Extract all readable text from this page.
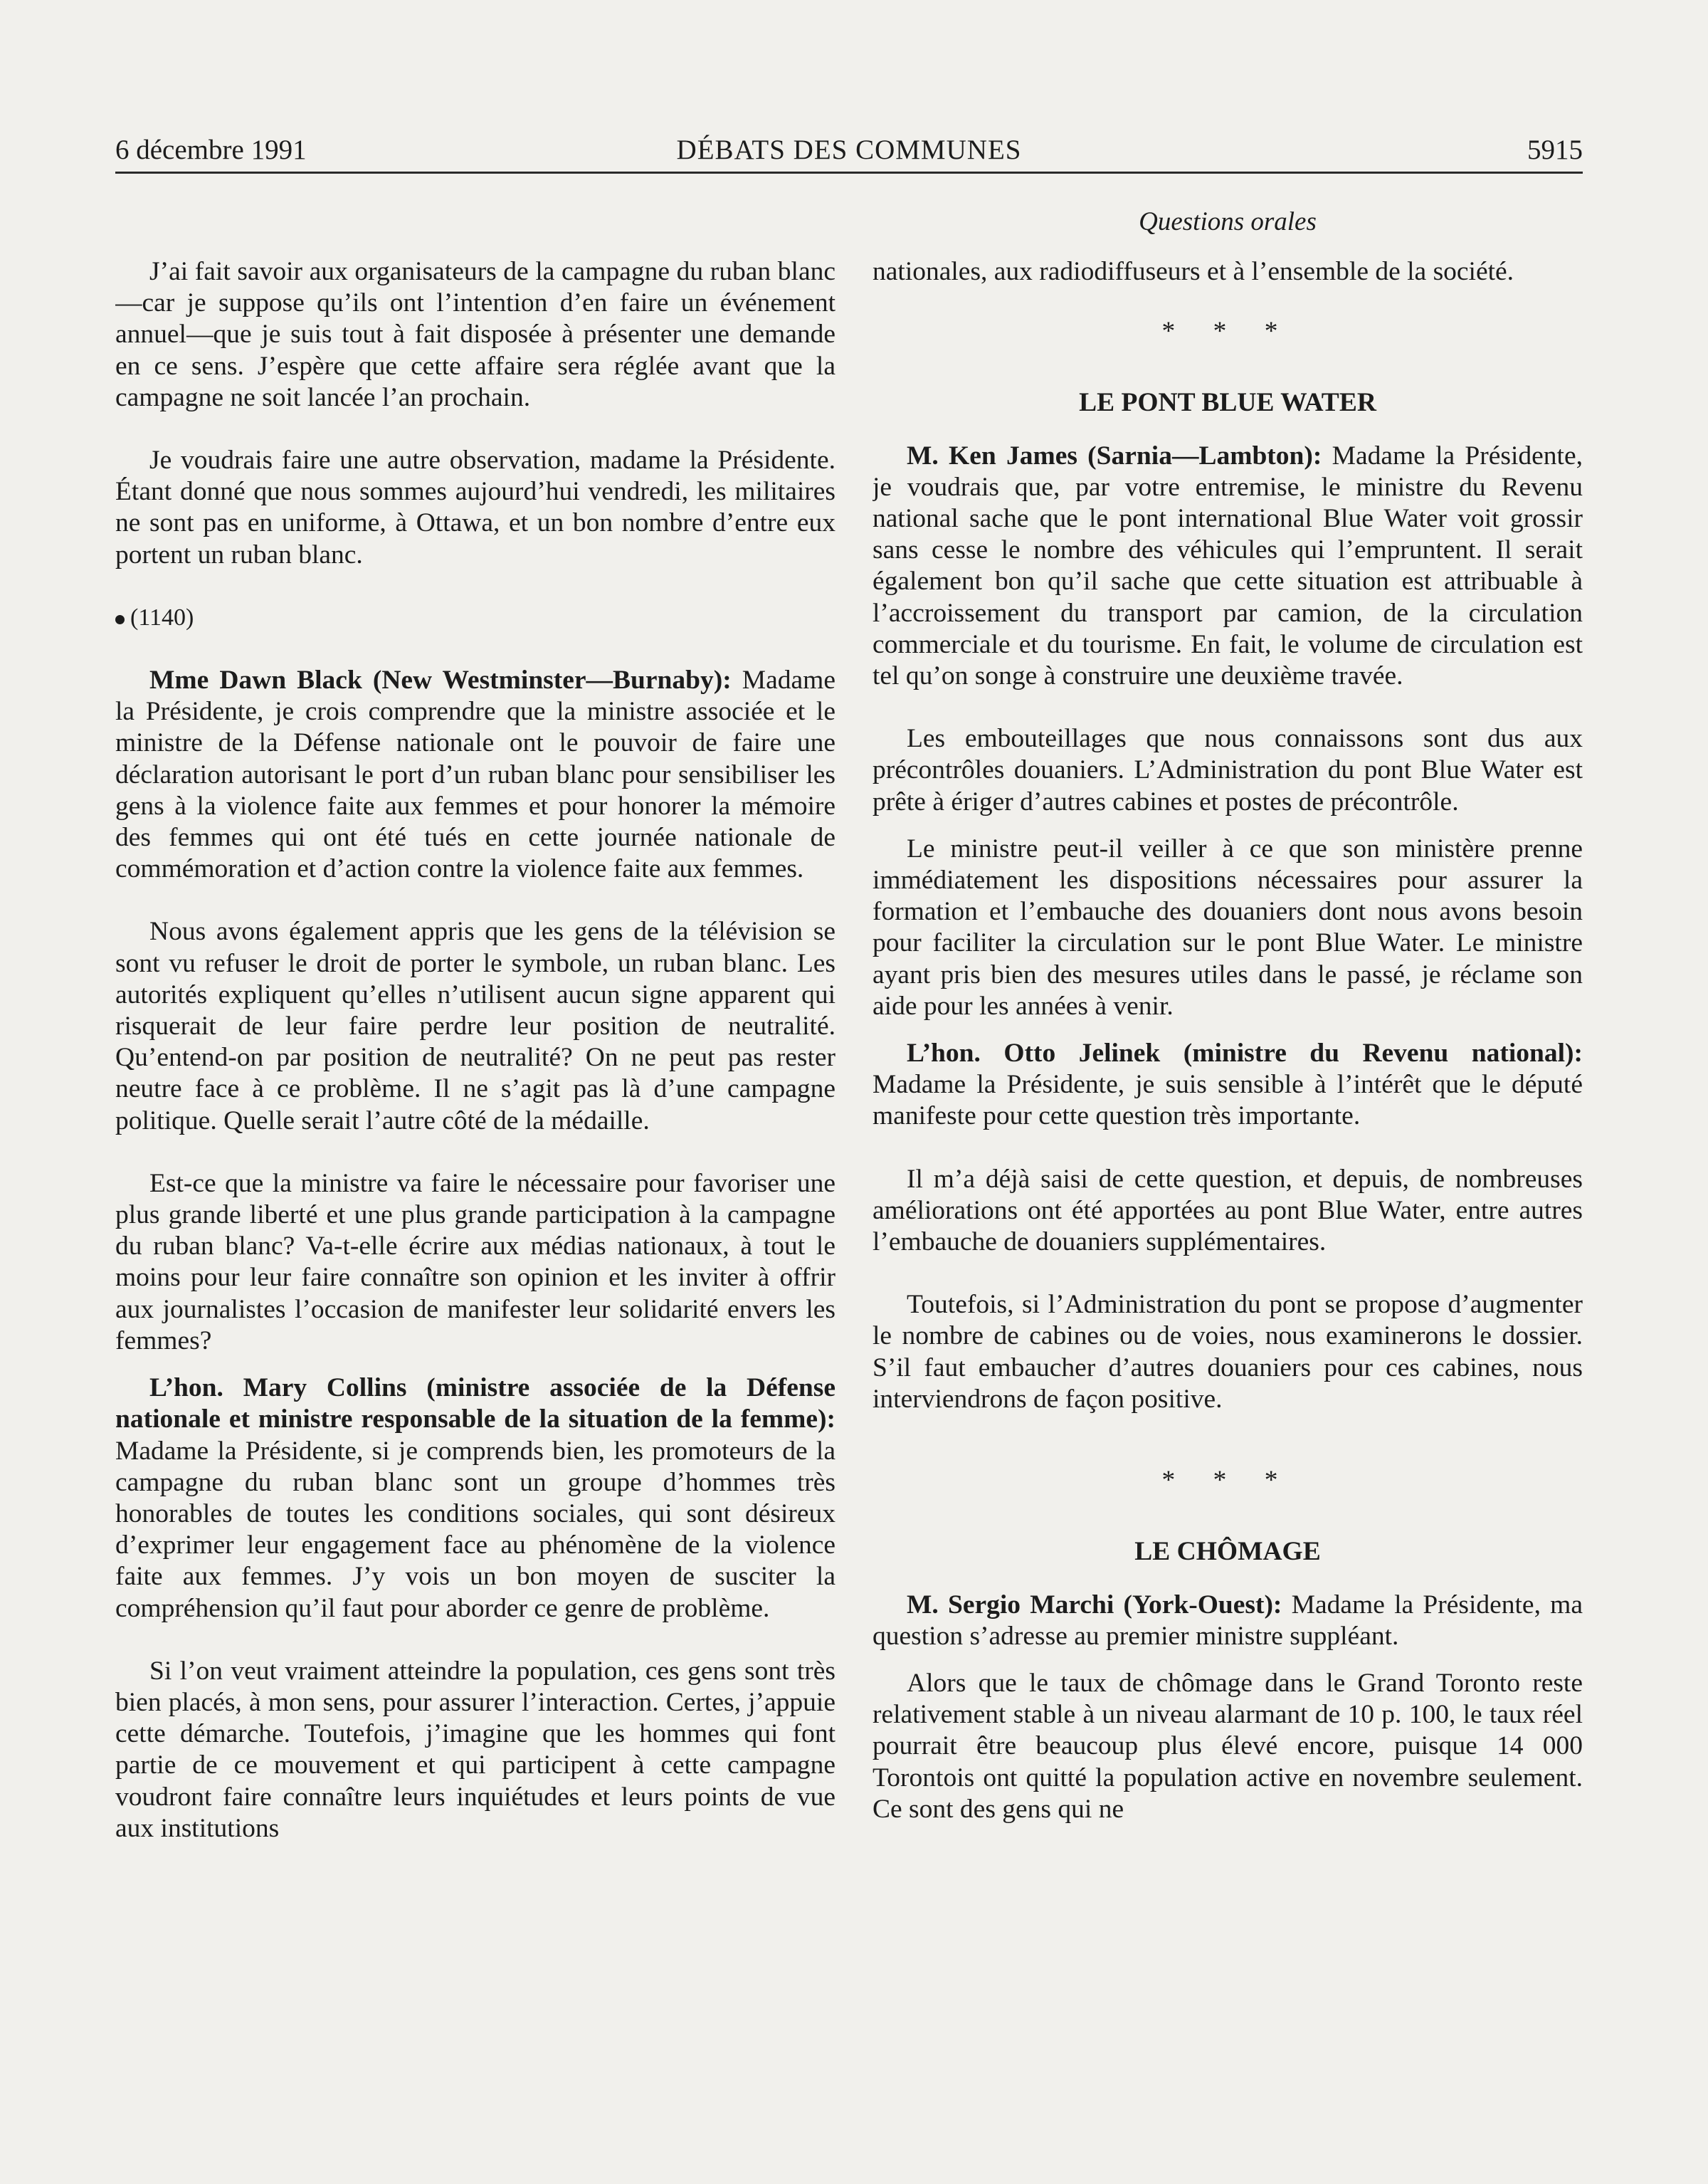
6 décembre 1991	DÉBATS DES COMMUNES	5915
Questions orales

J’ai fait savoir aux organisateurs de la campagne du ruban blanc—car je suppose qu’ils ont l’intention d’en faire un événement annuel—que je suis tout à fait disposée à présenter une demande en ce sens. J’espère que cette affaire sera réglée avant que la campagne ne soit lancée l’an prochain.

Je voudrais faire une autre observation, madame la Présidente. Étant donné que nous sommes aujourd’hui vendredi, les militaires ne sont pas en uniforme, à Ottawa, et un bon nombre d’entre eux portent un ruban blanc.

(1140)

Mme Dawn Black (New Westminster—Burnaby): Madame la Présidente, je crois comprendre que la ministre associée et le ministre de la Défense nationale ont le pouvoir de faire une déclaration autorisant le port d’un ruban blanc pour sensibiliser les gens à la violence faite aux femmes et pour honorer la mémoire des femmes qui ont été tués en cette journée nationale de commémoration et d’action contre la violence faite aux femmes.

Nous avons également appris que les gens de la télévision se sont vu refuser le droit de porter le symbole, un ruban blanc. Les autorités expliquent qu’elles n’utilisent aucun signe apparent qui risquerait de leur faire perdre leur position de neutralité. Qu’entend-on par position de neutralité? On ne peut pas rester neutre face à ce problème. Il ne s’agit pas là d’une campagne politique. Quelle serait l’autre côté de la médaille.

Est-ce que la ministre va faire le nécessaire pour favoriser une plus grande liberté et une plus grande participation à la campagne du ruban blanc? Va-t-elle écrire aux médias nationaux, à tout le moins pour leur faire connaître son opinion et les inviter à offrir aux journalistes l’occasion de manifester leur solidarité envers les femmes?

L’hon. Mary Collins (ministre associée de la Défense nationale et ministre responsable de la situation de la femme): Madame la Présidente, si je comprends bien, les promoteurs de la campagne du ruban blanc sont un groupe d’hommes très honorables de toutes les conditions sociales, qui sont désireux d’exprimer leur engagement face au phénomène de la violence faite aux femmes. J’y vois un bon moyen de susciter la compréhension qu’il faut pour aborder ce genre de problème.

Si l’on veut vraiment atteindre la population, ces gens sont très bien placés, à mon sens, pour assurer l’interaction. Certes, j’appuie cette démarche. Toutefois, j’imagine que les hommes qui font partie de ce mouvement et qui participent à cette campagne voudront faire connaître leurs inquiétudes et leurs points de vue aux institutions

nationales, aux radiodiffuseurs et à l’ensemble de la société.

* * *

LE PONT BLUE WATER

M. Ken James (Sarnia—Lambton): Madame la Présidente, je voudrais que, par votre entremise, le ministre du Revenu national sache que le pont international Blue Water voit grossir sans cesse le nombre des véhicules qui l’empruntent. Il serait également bon qu’il sache que cette situation est attribuable à l’accroissement du transport par camion, de la circulation commerciale et du tourisme. En fait, le volume de circulation est tel qu’on songe à construire une deuxième travée.

Les embouteillages que nous connaissons sont dus aux précontrôles douaniers. L’Administration du pont Blue Water est prête à ériger d’autres cabines et postes de précontrôle.

Le ministre peut-il veiller à ce que son ministère prenne immédiatement les dispositions nécessaires pour assurer la formation et l’embauche des douaniers dont nous avons besoin pour faciliter la circulation sur le pont Blue Water. Le ministre ayant pris bien des mesures utiles dans le passé, je réclame son aide pour les années à venir.

L’hon. Otto Jelinek (ministre du Revenu national): Madame la Présidente, je suis sensible à l’intérêt que le député manifeste pour cette question très importante.

Il m’a déjà saisi de cette question, et depuis, de nombreuses améliorations ont été apportées au pont Blue Water, entre autres l’embauche de douaniers supplémentaires.

Toutefois, si l’Administration du pont se propose d’augmenter le nombre de cabines ou de voies, nous examinerons le dossier. S’il faut embaucher d’autres douaniers pour ces cabines, nous interviendrons de façon positive.

* * *

LE CHÔMAGE

M. Sergio Marchi (York-Ouest): Madame la Présidente, ma question s’adresse au premier ministre suppléant.

Alors que le taux de chômage dans le Grand Toronto reste relativement stable à un niveau alarmant de 10 p. 100, le taux réel pourrait être beaucoup plus élevé encore, puisque 14 000 Torontois ont quitté la population active en novembre seulement. Ce sont des gens qui ne
